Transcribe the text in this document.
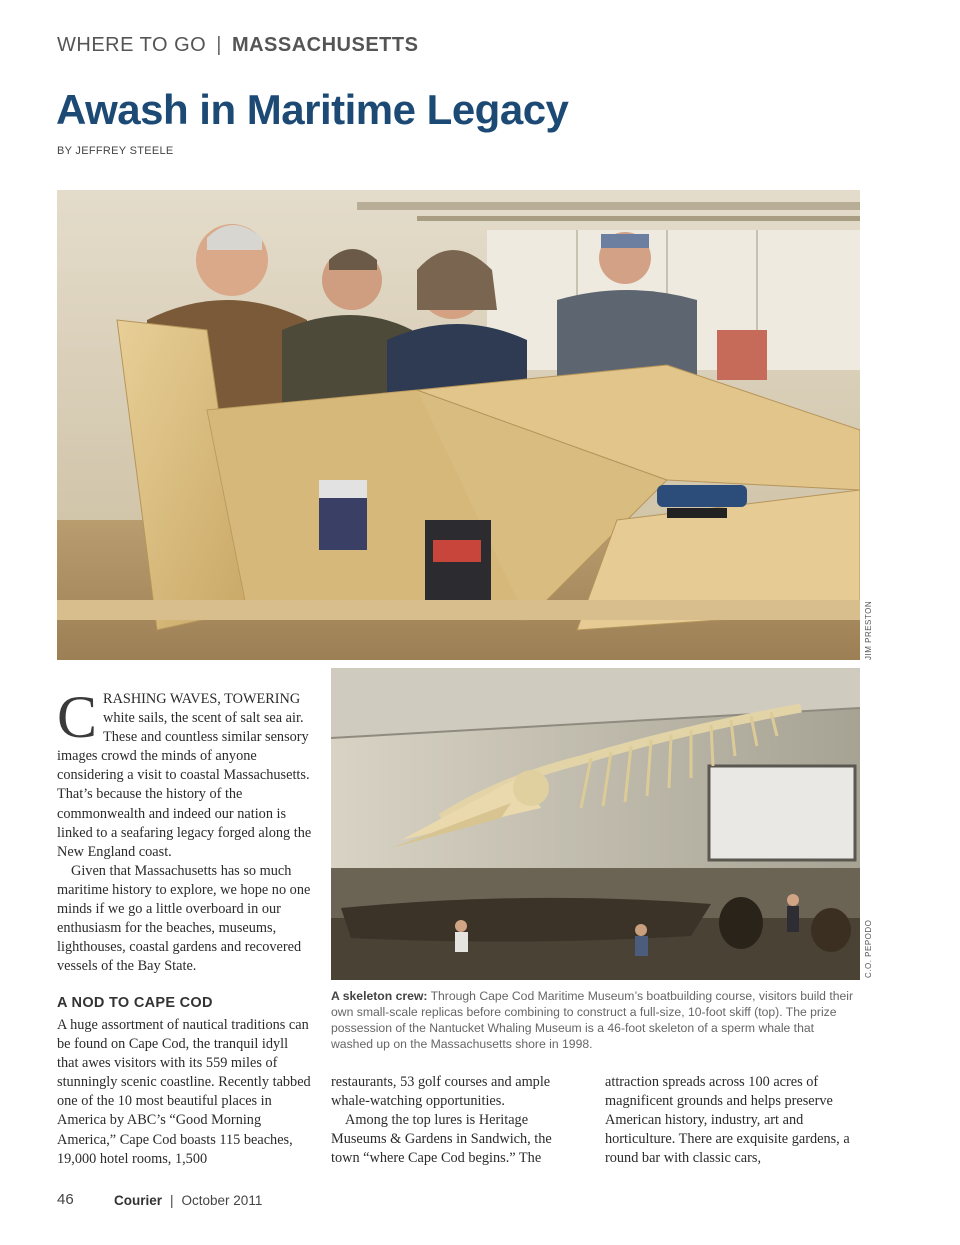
WHERE TO GO | MASSACHUSETTS
Awash in Maritime Legacy
BY JEFFREY STEELE
JIM PRESTON
C.O. PEPODO

CRASHING WAVES, TOWERING white sails, the scent of salt sea air. These and countless similar sensory images crowd the minds of anyone considering a visit to coastal Massachusetts. That’s because the history of the commonwealth and indeed our nation is linked to a seafaring legacy forged along the New England coast.

Given that Massachusetts has so much maritime history to explore, we hope no one minds if we go a little overboard in our enthusiasm for the beaches, museums, lighthouses, coastal gardens and recovered vessels of the Bay State.

A NOD TO CAPE COD

A huge assortment of nautical traditions can be found on Cape Cod, the tranquil idyll that awes visitors with its 559 miles of stunningly scenic coastline. Recently tabbed one of the 10 most beautiful places in America by ABC’s “Good Morning America,” Cape Cod boasts 115 beaches, 19,000 hotel rooms, 1,500

A skeleton crew: Through Cape Cod Maritime Museum’s boatbuilding course, visitors build their own small-scale replicas before combining to construct a full-size, 10-foot skiff (top). The prize possession of the Nantucket Whaling Museum is a 46-foot skeleton of a sperm whale that washed up on the Massachusetts shore in 1998.

restaurants, 53 golf courses and ample whale-watching opportunities.

Among the top lures is Heritage Museums & Gardens in Sandwich, the town “where Cape Cod begins.” The

attraction spreads across 100 acres of magnificent grounds and helps preserve American history, industry, art and horticulture. There are exquisite gardens, a round bar with classic cars,

46	Courier | October 2011
